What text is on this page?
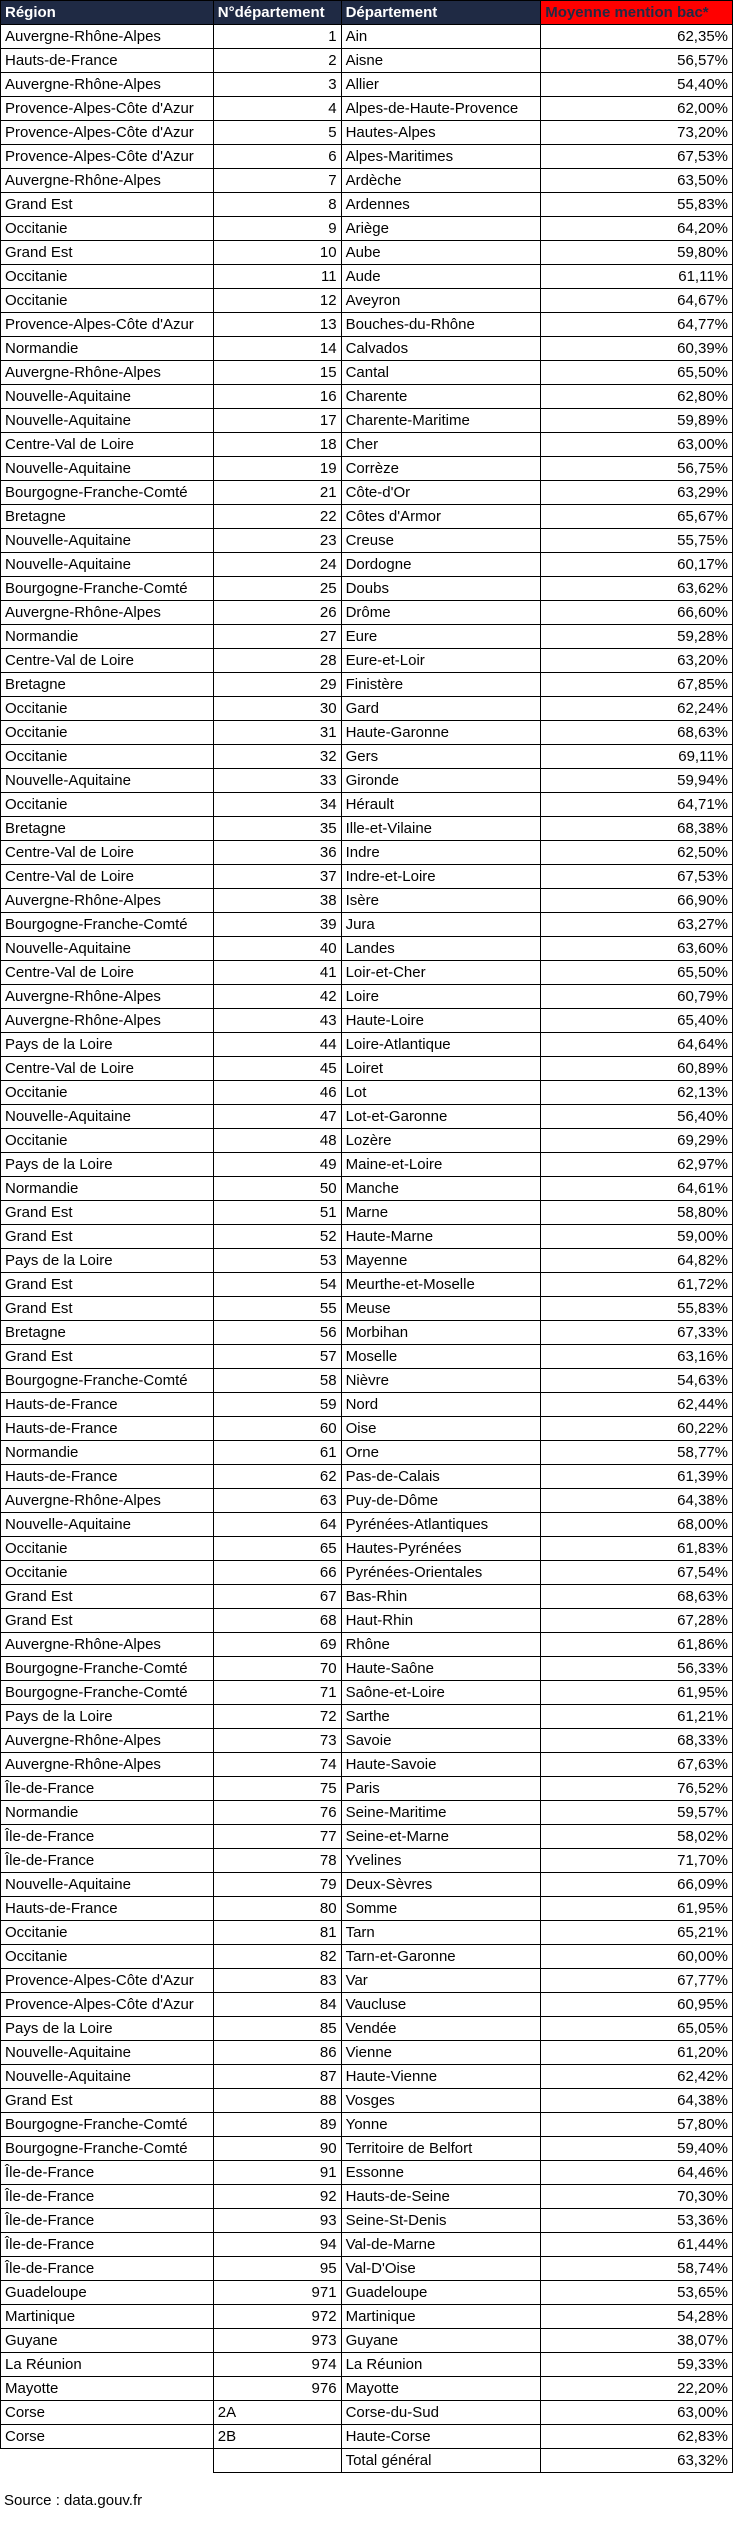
Région	N°département	Département	Moyenne mention bac*
Auvergne-Rhône-Alpes	1	Ain	62,35%
Hauts-de-France	2	Aisne	56,57%
Auvergne-Rhône-Alpes	3	Allier	54,40%
Provence-Alpes-Côte d'Azur	4	Alpes-de-Haute-Provence	62,00%
Provence-Alpes-Côte d'Azur	5	Hautes-Alpes	73,20%
Provence-Alpes-Côte d'Azur	6	Alpes-Maritimes	67,53%
Auvergne-Rhône-Alpes	7	Ardèche	63,50%
Grand Est	8	Ardennes	55,83%
Occitanie	9	Ariège	64,20%
Grand Est	10	Aube	59,80%
Occitanie	11	Aude	61,11%
Occitanie	12	Aveyron	64,67%
Provence-Alpes-Côte d'Azur	13	Bouches-du-Rhône	64,77%
Normandie	14	Calvados	60,39%
Auvergne-Rhône-Alpes	15	Cantal	65,50%
Nouvelle-Aquitaine	16	Charente	62,80%
Nouvelle-Aquitaine	17	Charente-Maritime	59,89%
Centre-Val de Loire	18	Cher	63,00%
Nouvelle-Aquitaine	19	Corrèze	56,75%
Bourgogne-Franche-Comté	21	Côte-d'Or	63,29%
Bretagne	22	Côtes d'Armor	65,67%
Nouvelle-Aquitaine	23	Creuse	55,75%
Nouvelle-Aquitaine	24	Dordogne	60,17%
Bourgogne-Franche-Comté	25	Doubs	63,62%
Auvergne-Rhône-Alpes	26	Drôme	66,60%
Normandie	27	Eure	59,28%
Centre-Val de Loire	28	Eure-et-Loir	63,20%
Bretagne	29	Finistère	67,85%
Occitanie	30	Gard	62,24%
Occitanie	31	Haute-Garonne	68,63%
Occitanie	32	Gers	69,11%
Nouvelle-Aquitaine	33	Gironde	59,94%
Occitanie	34	Hérault	64,71%
Bretagne	35	Ille-et-Vilaine	68,38%
Centre-Val de Loire	36	Indre	62,50%
Centre-Val de Loire	37	Indre-et-Loire	67,53%
Auvergne-Rhône-Alpes	38	Isère	66,90%
Bourgogne-Franche-Comté	39	Jura	63,27%
Nouvelle-Aquitaine	40	Landes	63,60%
Centre-Val de Loire	41	Loir-et-Cher	65,50%
Auvergne-Rhône-Alpes	42	Loire	60,79%
Auvergne-Rhône-Alpes	43	Haute-Loire	65,40%
Pays de la Loire	44	Loire-Atlantique	64,64%
Centre-Val de Loire	45	Loiret	60,89%
Occitanie	46	Lot	62,13%
Nouvelle-Aquitaine	47	Lot-et-Garonne	56,40%
Occitanie	48	Lozère	69,29%
Pays de la Loire	49	Maine-et-Loire	62,97%
Normandie	50	Manche	64,61%
Grand Est	51	Marne	58,80%
Grand Est	52	Haute-Marne	59,00%
Pays de la Loire	53	Mayenne	64,82%
Grand Est	54	Meurthe-et-Moselle	61,72%
Grand Est	55	Meuse	55,83%
Bretagne	56	Morbihan	67,33%
Grand Est	57	Moselle	63,16%
Bourgogne-Franche-Comté	58	Nièvre	54,63%
Hauts-de-France	59	Nord	62,44%
Hauts-de-France	60	Oise	60,22%
Normandie	61	Orne	58,77%
Hauts-de-France	62	Pas-de-Calais	61,39%
Auvergne-Rhône-Alpes	63	Puy-de-Dôme	64,38%
Nouvelle-Aquitaine	64	Pyrénées-Atlantiques	68,00%
Occitanie	65	Hautes-Pyrénées	61,83%
Occitanie	66	Pyrénées-Orientales	67,54%
Grand Est	67	Bas-Rhin	68,63%
Grand Est	68	Haut-Rhin	67,28%
Auvergne-Rhône-Alpes	69	Rhône	61,86%
Bourgogne-Franche-Comté	70	Haute-Saône	56,33%
Bourgogne-Franche-Comté	71	Saône-et-Loire	61,95%
Pays de la Loire	72	Sarthe	61,21%
Auvergne-Rhône-Alpes	73	Savoie	68,33%
Auvergne-Rhône-Alpes	74	Haute-Savoie	67,63%
Île-de-France	75	Paris	76,52%
Normandie	76	Seine-Maritime	59,57%
Île-de-France	77	Seine-et-Marne	58,02%
Île-de-France	78	Yvelines	71,70%
Nouvelle-Aquitaine	79	Deux-Sèvres	66,09%
Hauts-de-France	80	Somme	61,95%
Occitanie	81	Tarn	65,21%
Occitanie	82	Tarn-et-Garonne	60,00%
Provence-Alpes-Côte d'Azur	83	Var	67,77%
Provence-Alpes-Côte d'Azur	84	Vaucluse	60,95%
Pays de la Loire	85	Vendée	65,05%
Nouvelle-Aquitaine	86	Vienne	61,20%
Nouvelle-Aquitaine	87	Haute-Vienne	62,42%
Grand Est	88	Vosges	64,38%
Bourgogne-Franche-Comté	89	Yonne	57,80%
Bourgogne-Franche-Comté	90	Territoire de Belfort	59,40%
Île-de-France	91	Essonne	64,46%
Île-de-France	92	Hauts-de-Seine	70,30%
Île-de-France	93	Seine-St-Denis	53,36%
Île-de-France	94	Val-de-Marne	61,44%
Île-de-France	95	Val-D'Oise	58,74%
Guadeloupe	971	Guadeloupe	53,65%
Martinique	972	Martinique	54,28%
Guyane	973	Guyane	38,07%
La Réunion	974	La Réunion	59,33%
Mayotte	976	Mayotte	22,20%
Corse	2A	Corse-du-Sud	63,00%
Corse	2B	Haute-Corse	62,83%
		Total général	63,32%
Source : data.gouv.fr
